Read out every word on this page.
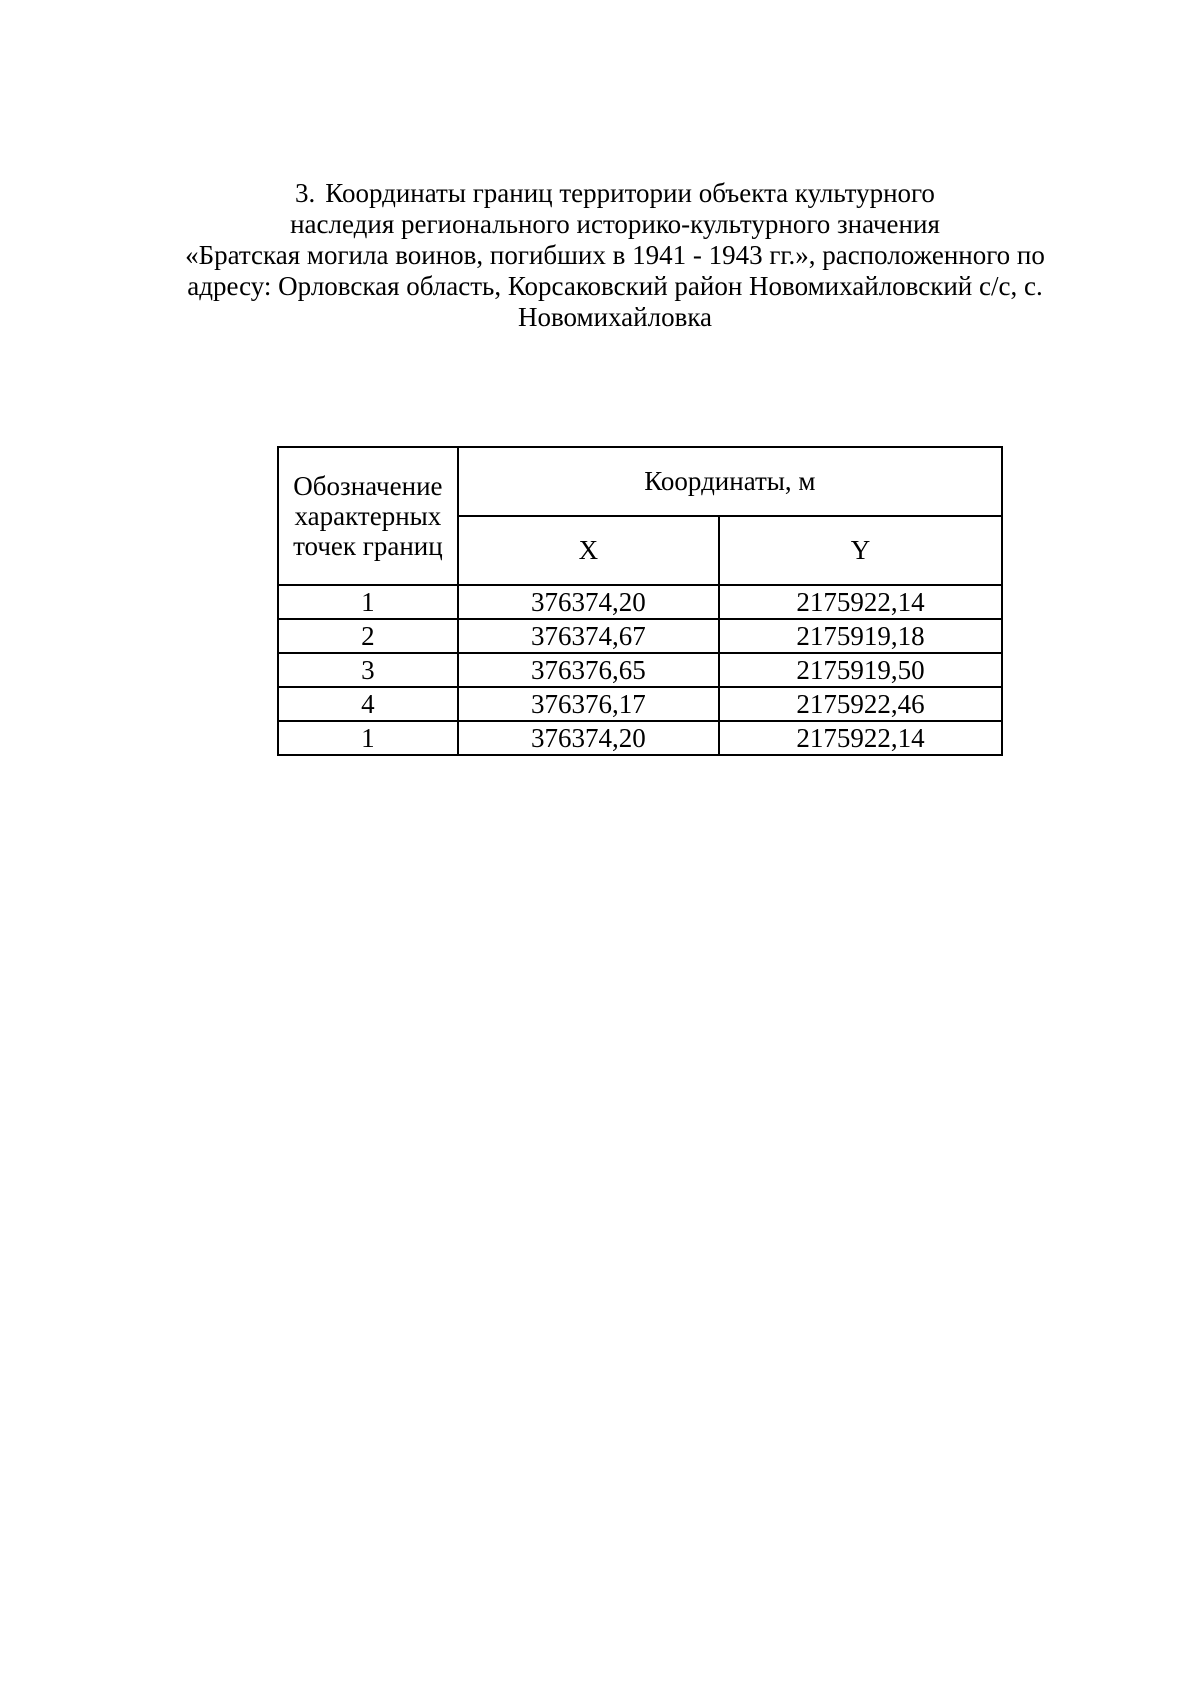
3. Координаты границ территории объекта культурного
наследия регионального историко-культурного значения
«Братская могила воинов, погибших в 1941 - 1943 гг.», расположенного по
адресу: Орловская область, Корсаковский район Новомихайловский с/с, с.
Новомихайловка
Обозначение характерных точек границ	Координаты, м	
	X	Y
1	376374,20	2175922,14
2	376374,67	2175919,18
3	376376,65	2175919,50
4	376376,17	2175922,46
1	376374,20	2175922,14
